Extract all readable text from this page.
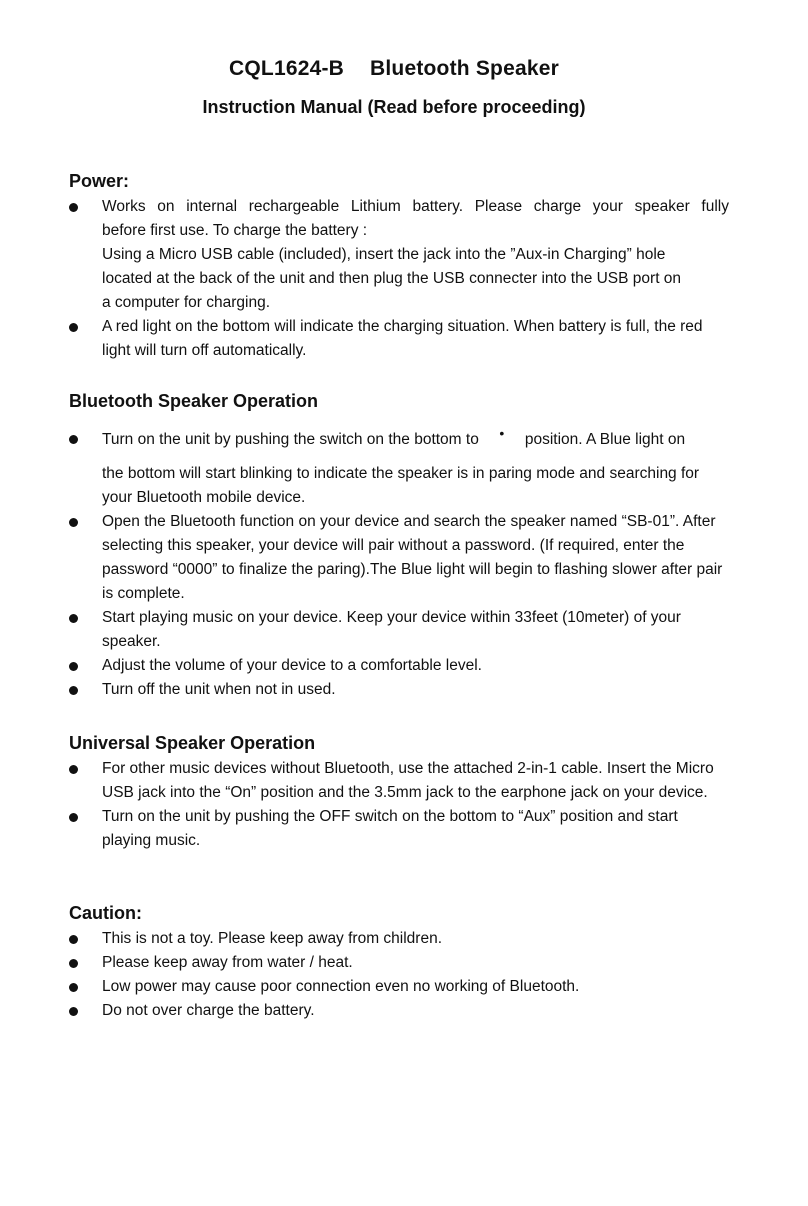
CQL1624-B Bluetooth Speaker
Instruction Manual (Read before proceeding)
Power:
Works on internal rechargeable Lithium battery. Please charge your speaker fully
before first use. To charge the battery :
Using a Micro USB cable (included), insert the jack into the ”Aux-in Charging” hole
located at the back of the unit and then plug the USB connecter into the USB port on
a computer for charging.
A red light on the bottom will indicate the charging situation. When battery is full, the red light will turn off automatically.
Bluetooth Speaker Operation
Turn on the unit by pushing the switch on the bottom to • position. A Blue light on
the bottom will start blinking to indicate the speaker is in paring mode and searching for your Bluetooth mobile device.
Open the Bluetooth function on your device and search the speaker named “SB-01”. After selecting this speaker, your device will pair without a password. (If required, enter the password “0000” to finalize the paring).The Blue light will begin to flashing slower after pair is complete.
Start playing music on your device. Keep your device within 33feet (10meter) of your speaker.
Adjust the volume of your device to a comfortable level.
Turn off the unit when not in used.
Universal Speaker Operation
For other music devices without Bluetooth, use the attached 2-in-1 cable. Insert the Micro USB jack into the “On” position and the 3.5mm jack to the earphone jack on your device.
Turn on the unit by pushing the OFF switch on the bottom to “Aux” position and start playing music.
Caution:
This is not a toy. Please keep away from children.
Please keep away from water / heat.
Low power may cause poor connection even no working of Bluetooth.
Do not over charge the battery.
